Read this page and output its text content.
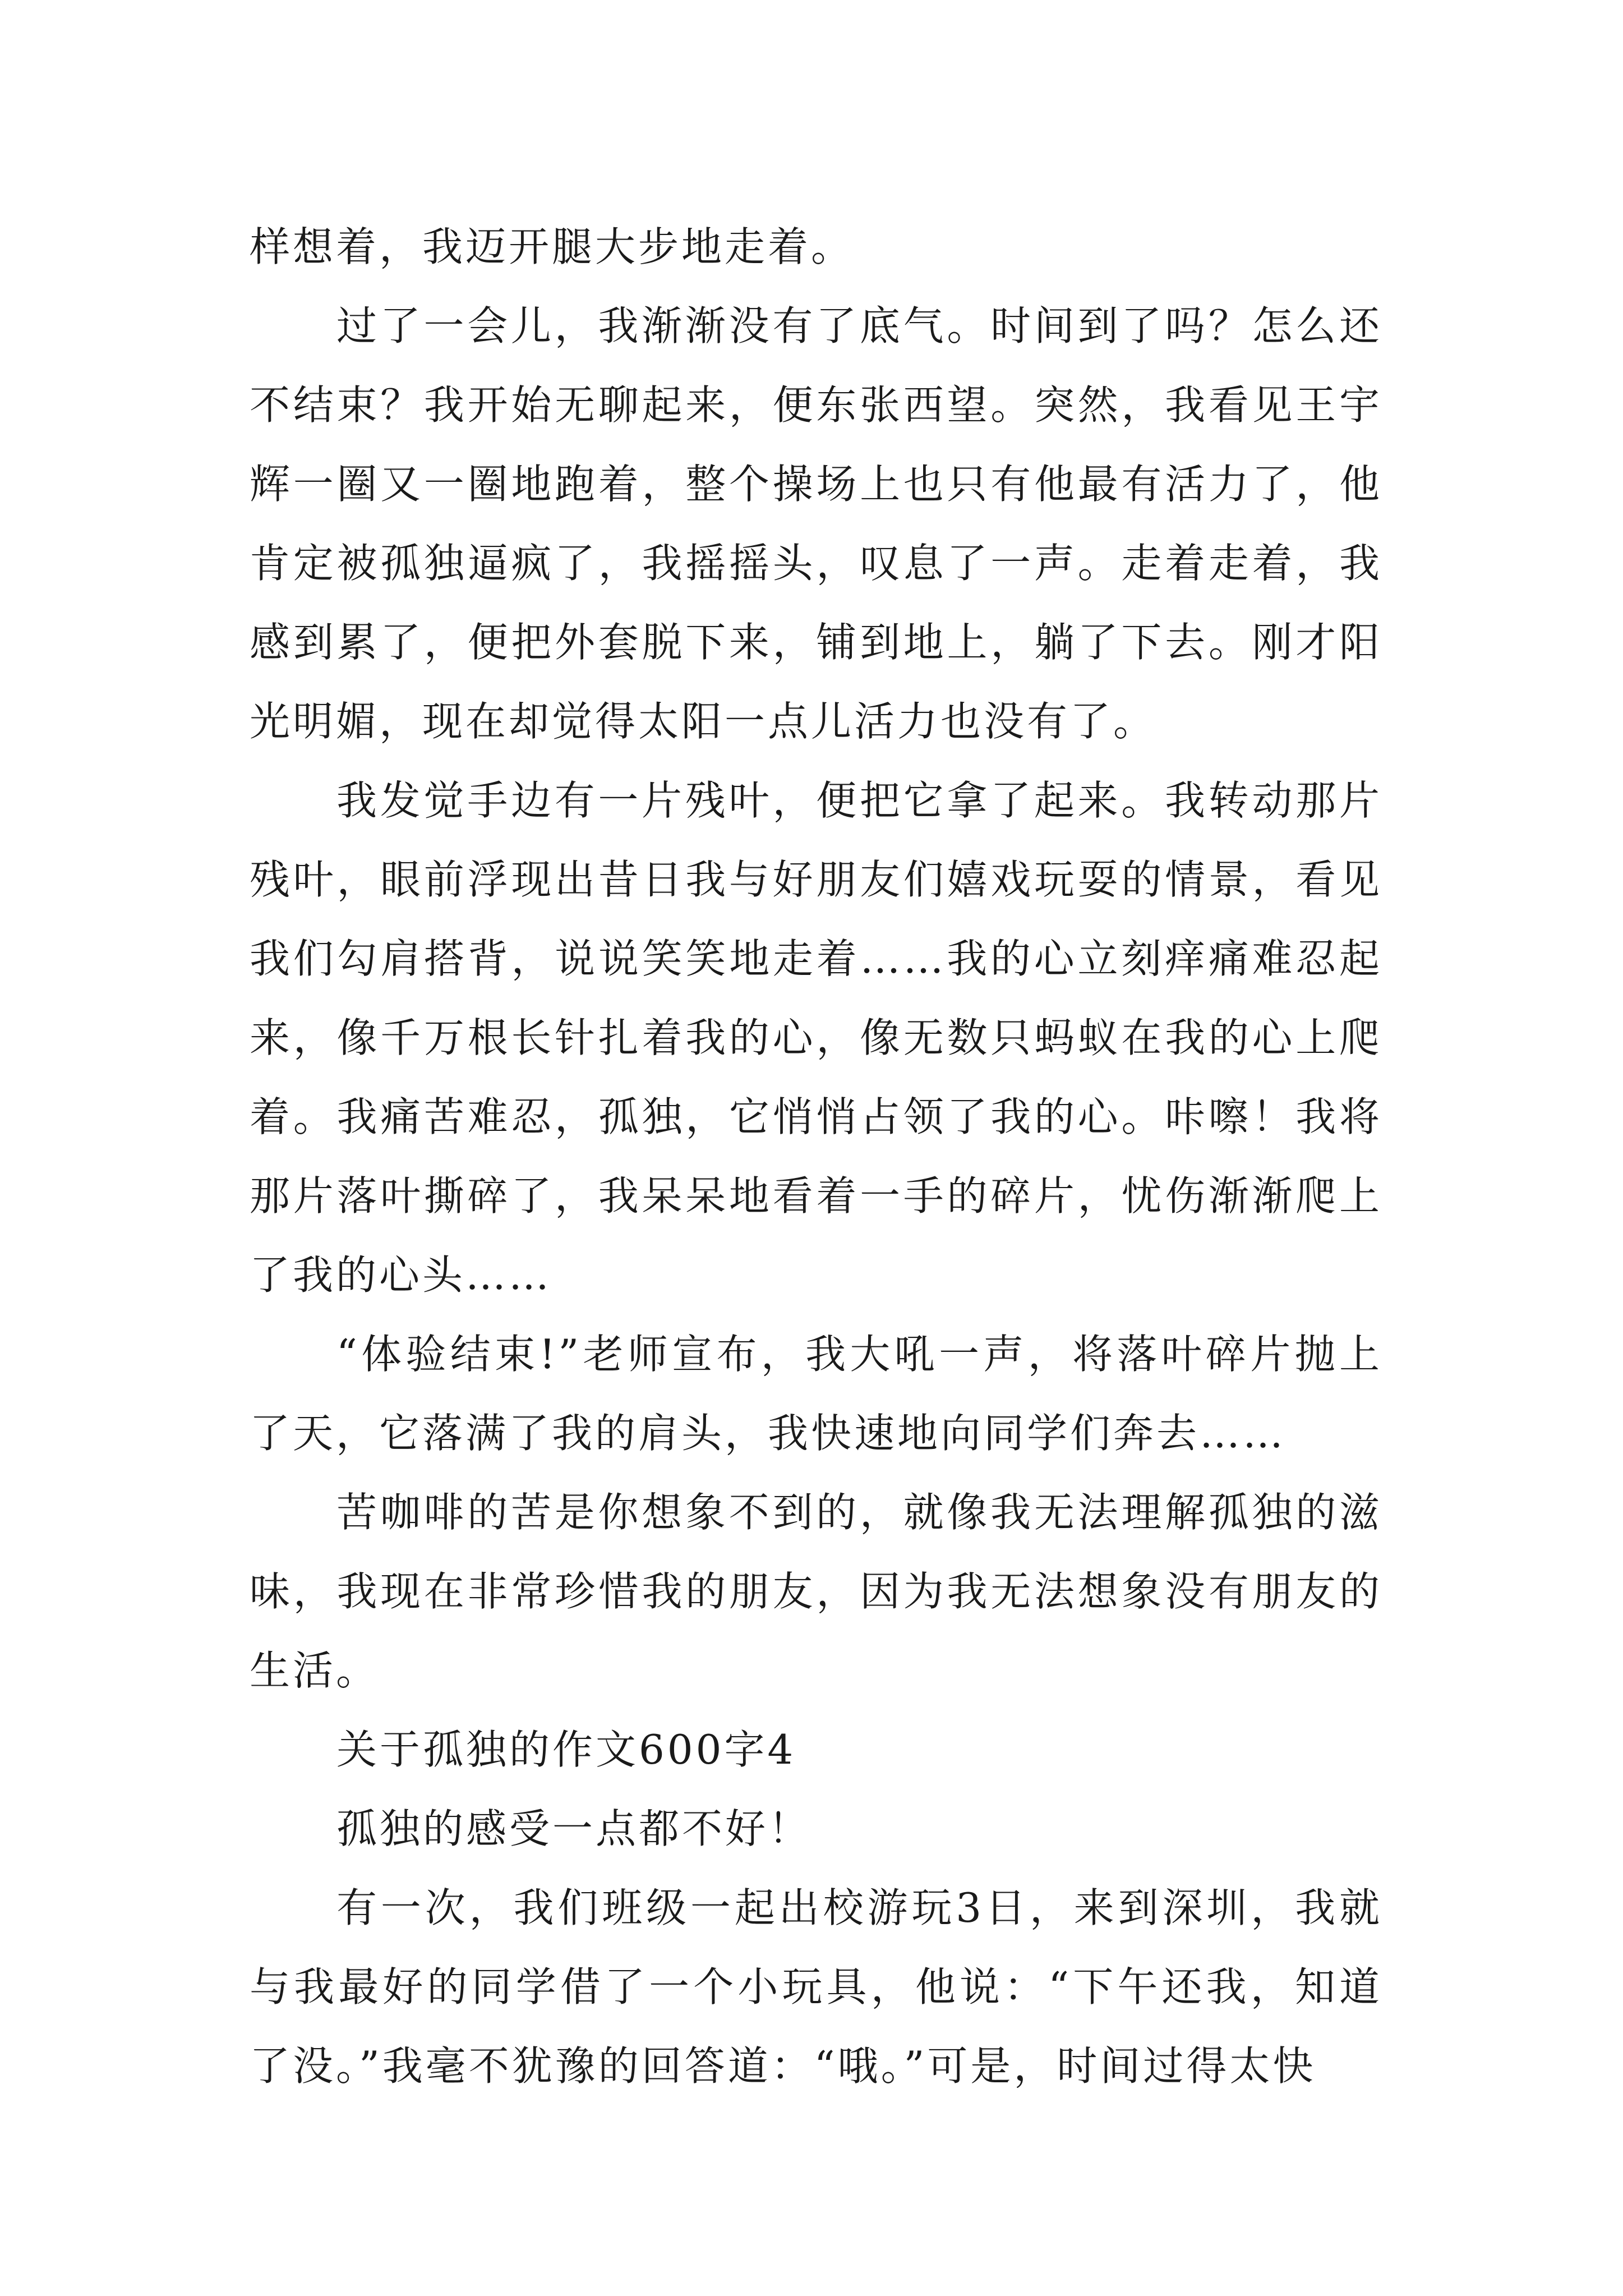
样想着，我迈开腿大步地走着。

过了一会儿，我渐渐没有了底气。时间到了吗？怎么还不结束？我开始无聊起来，便东张西望。突然，我看见王宇辉一圈又一圈地跑着，整个操场上也只有他最有活力了，他肯定被孤独逼疯了，我摇摇头，叹息了一声。走着走着，我感到累了，便把外套脱下来，铺到地上，躺了下去。刚才阳光明媚，现在却觉得太阳一点儿活力也没有了。

我发觉手边有一片残叶，便把它拿了起来。我转动那片残叶，眼前浮现出昔日我与好朋友们嬉戏玩耍的情景，看见我们勾肩搭背，说说笑笑地走着……我的心立刻痒痛难忍起来，像千万根长针扎着我的心，像无数只蚂蚁在我的心上爬着。我痛苦难忍，孤独，它悄悄占领了我的心。咔嚓！我将那片落叶撕碎了，我呆呆地看着一手的碎片，忧伤渐渐爬上了我的心头……

“体验结束!”老师宣布，我大吼一声，将落叶碎片抛上了天，它落满了我的肩头，我快速地向同学们奔去……

苦咖啡的苦是你想象不到的，就像我无法理解孤独的滋味，我现在非常珍惜我的朋友，因为我无法想象没有朋友的生活。

关于孤独的作文600字4

孤独的感受一点都不好！

有一次，我们班级一起出校游玩3日，来到深圳，我就与我最好的同学借了一个小玩具，他说：“下午还我，知道了没。”我毫不犹豫的回答道：“哦。”可是，时间过得太快
